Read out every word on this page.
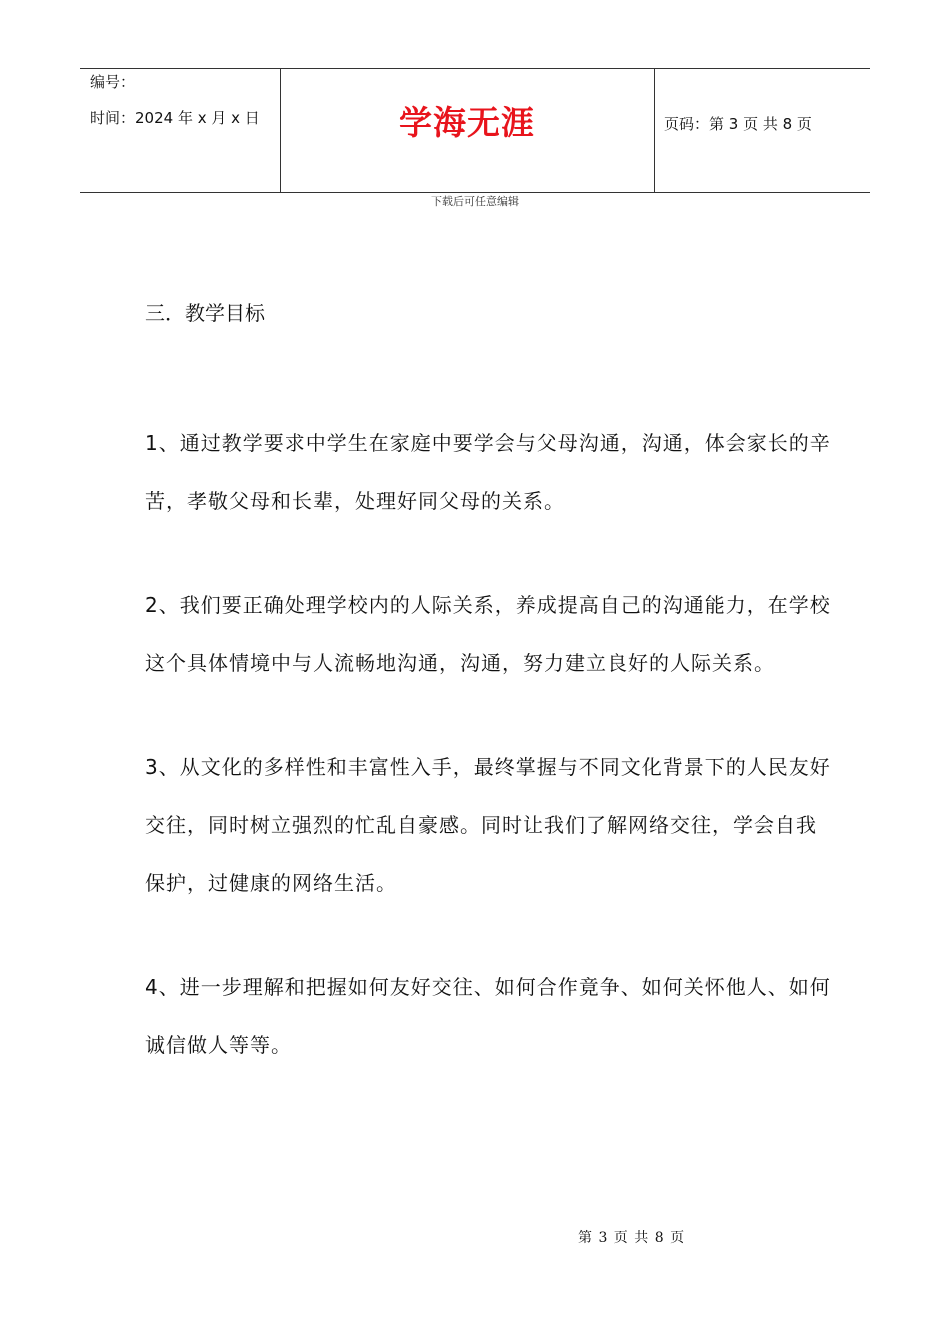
编号：
时间：2024 年 x 月 x 日	学海无涯	页码：第 3 页 共 8 页
下载后可任意编辑
三．教学目标

1、通过教学要求中学生在家庭中要学会与父母沟通，沟通，体会家长的辛苦，孝敬父母和长辈，处理好同父母的关系。

2、我们要正确处理学校内的人际关系，养成提高自己的沟通能力，在学校这个具体情境中与人流畅地沟通，沟通，努力建立良好的人际关系。

3、从文化的多样性和丰富性入手，最终掌握与不同文化背景下的人民友好交往，同时树立强烈的忙乱自豪感。同时让我们了解网络交往，学会自我保护，过健康的网络生活。

4、进一步理解和把握如何友好交往、如何合作竟争、如何关怀他人、如何诚信做人等等。

第 3 页 共 8 页
